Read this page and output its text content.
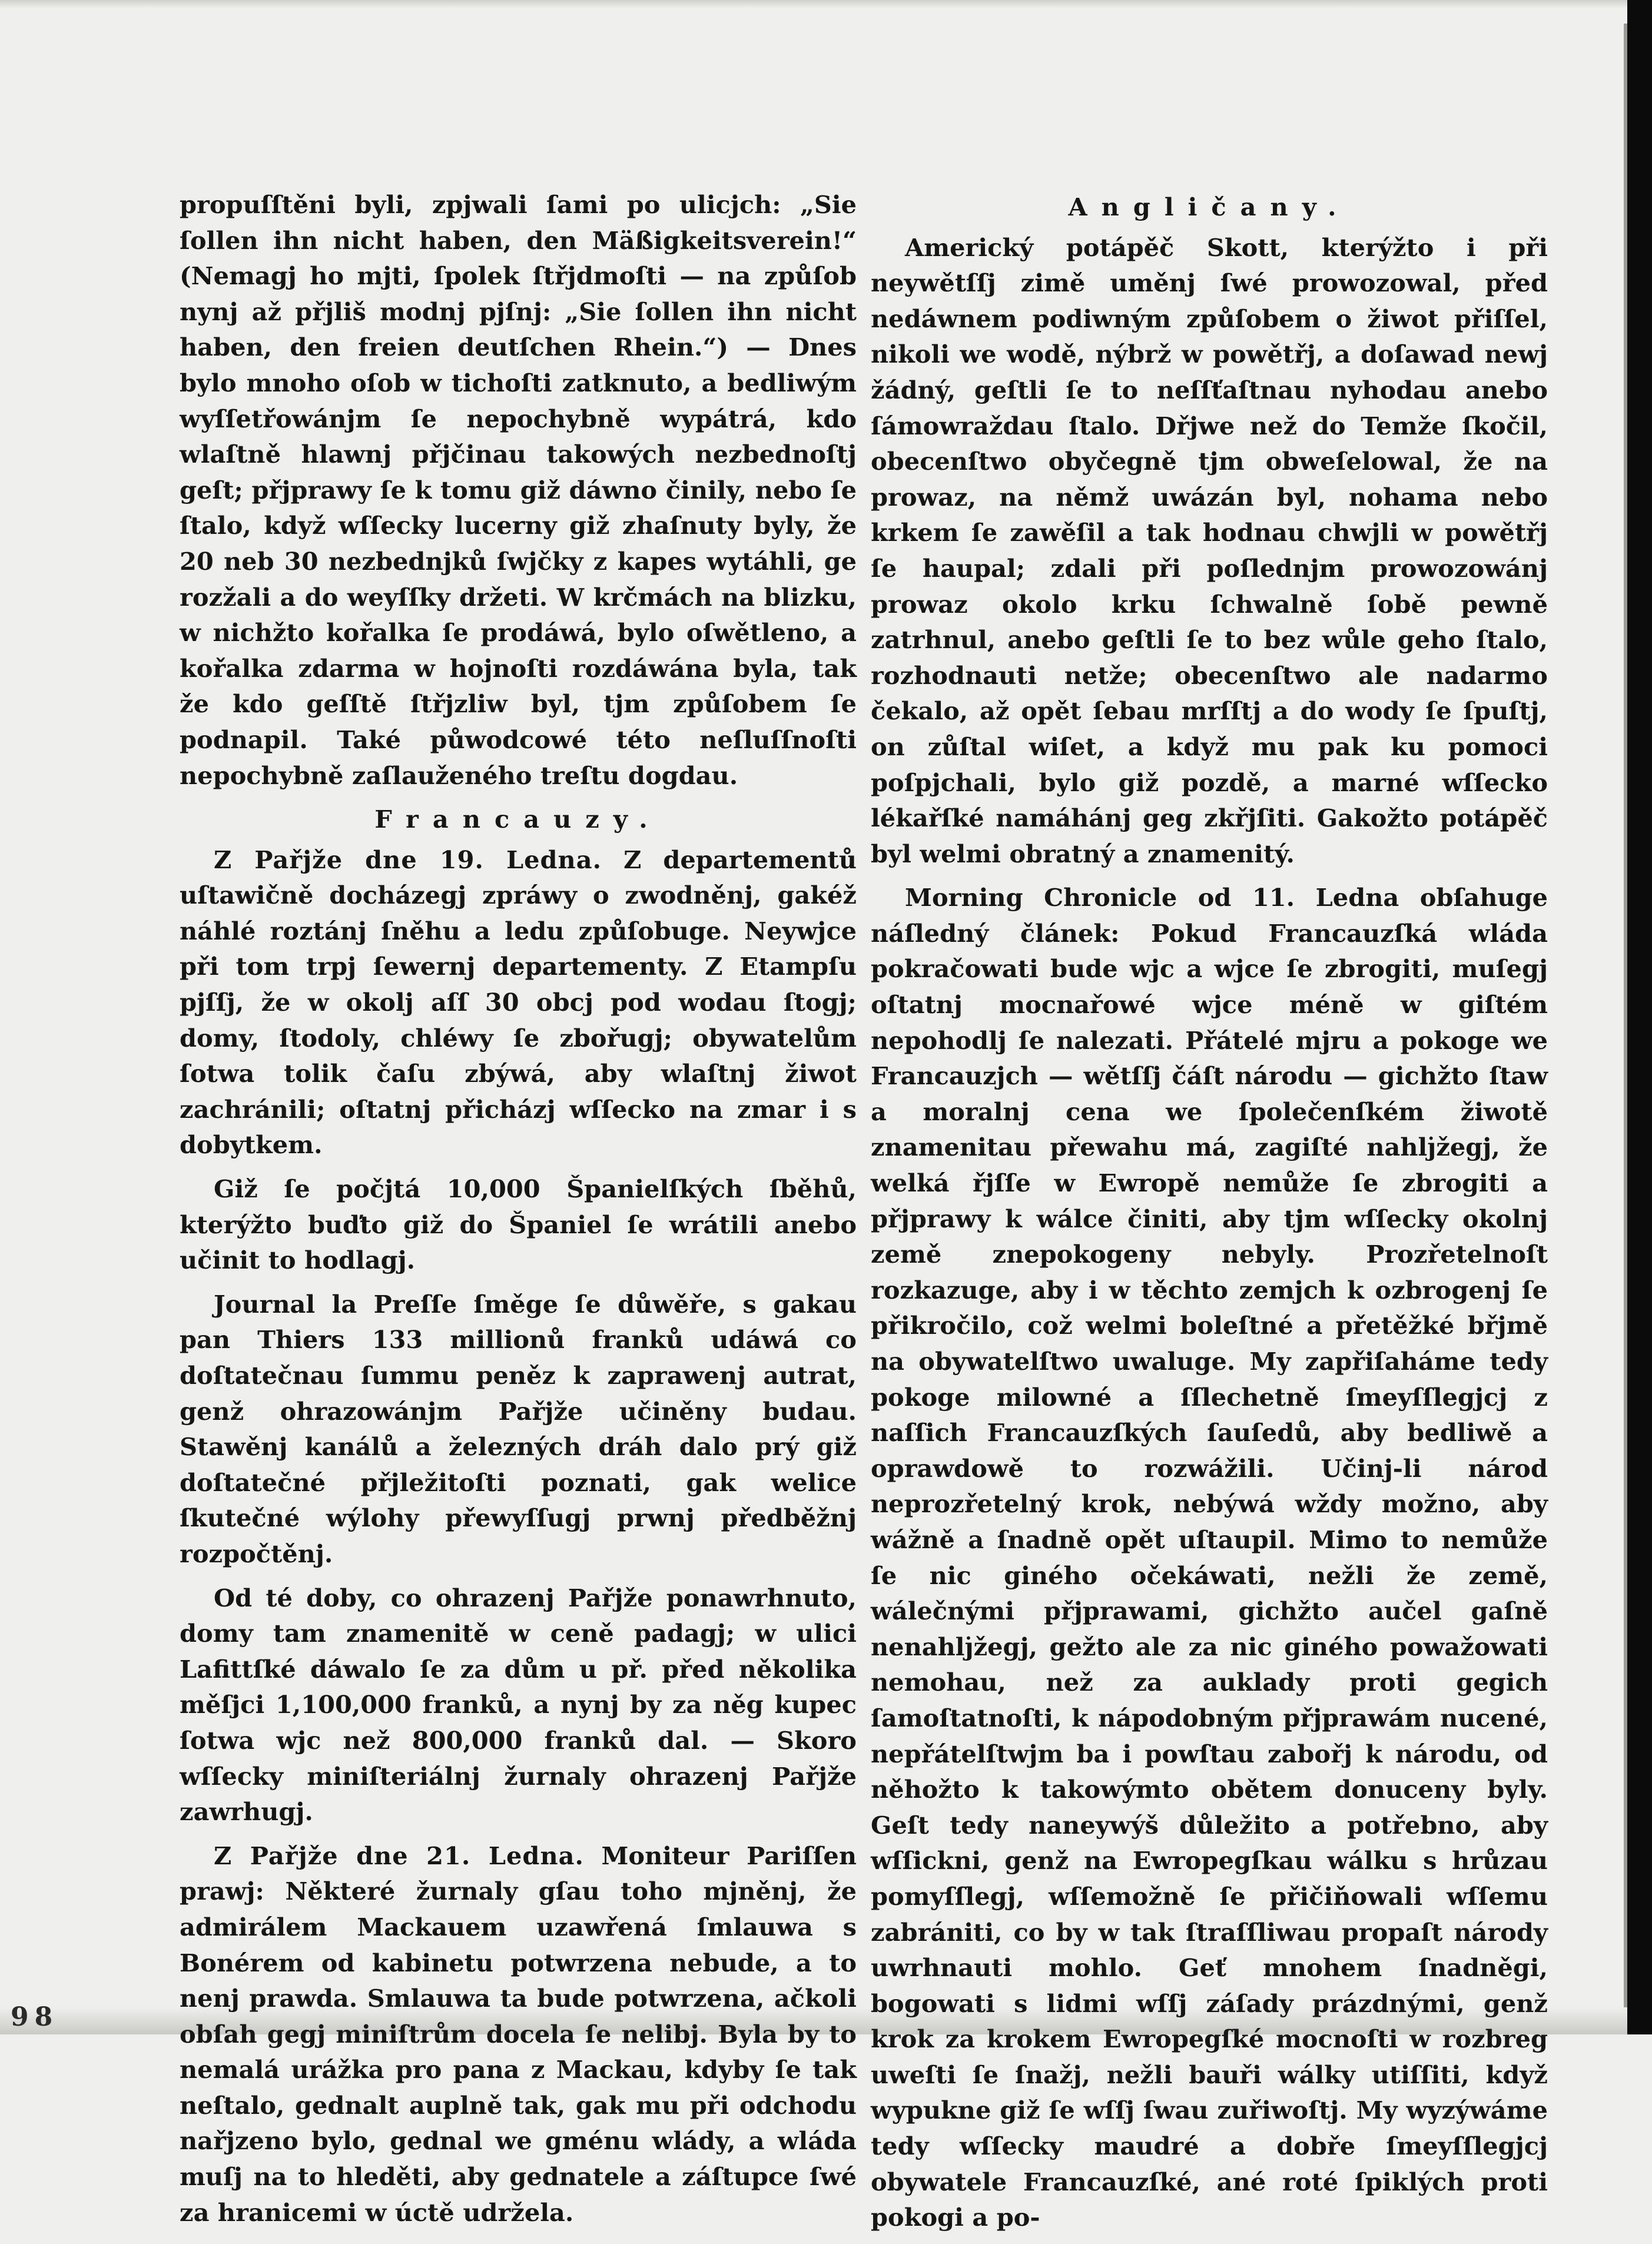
propuſſtěni byli, zpjwali ſami po ulicjch: „Sie ſollen ihn nicht haben, den Mäßigkeitsverein!“ (Nemagj ho mjti, ſpolek ſtřjdmoſti — na způſob nynj až přjliš modnj pjſnj: „Sie ſollen ihn nicht haben, den freien deutſchen Rhein.“) — Dnes bylo mnoho oſob w tichoſti zatknuto, a bedliwým wyſſetřowánjm ſe nepochybně wypátrá, kdo wlaſtně hlawnj přjčinau takowých nezbednoſtj geſt; přjprawy ſe k tomu giž dáwno činily, nebo ſe ſtalo, když wſſecky lucerny giž zhaſnuty byly, že 20 neb 30 nezbednjků ſwjčky z kapes wytáhli, ge rozžali a do weyſſky držeti. W krčmách na blizku, w nichžto kořalka ſe prodáwá, bylo oſwětleno, a kořalka zdarma w hojnoſti rozdáwána byla, tak že kdo geſſtě ſtřjzliw byl, tjm způſobem ſe podnapil. Také půwodcowé této neſluſſnoſti nepochybně zaſlauženého treſtu dogdau.

Francauzy.

Z Pařjže dne 19. Ledna. Z departementů uſtawičně docházegj zpráwy o zwodněnj, gakéž náhlé roztánj ſněhu a ledu způſobuge. Neywjce při tom trpj ſewernj departementy. Z Etampſu pjſſj, že w okolj aſſ 30 obcj pod wodau ſtogj; domy, ſtodoly, chléwy ſe zbořugj; obywatelům ſotwa tolik čaſu zbýwá, aby wlaſtnj žiwot zachránili; oſtatnj přicházj wſſecko na zmar i s dobytkem.

Giž ſe počjtá 10,000 Španielſkých ſběhů, kterýžto buďto giž do Španiel ſe wrátili anebo učinit to hodlagj.

Journal la Preſſe ſměge ſe důwěře, s gakau pan Thiers 133 millionů franků udáwá co doſtatečnau ſummu peněz k zaprawenj autrat, genž ohrazowánjm Pařjže učiněny budau. Stawěnj kanálů a železných dráh dalo prý giž doſtatečné přjležitoſti poznati, gak welice ſkutečné wýlohy přewyſſugj prwnj předběžnj rozpočtěnj.

Od té doby, co ohrazenj Pařjže ponawrhnuto, domy tam znamenitě w ceně padagj; w ulici Lafittſké dáwalo ſe za dům u př. před několika měſjci 1,100,000 franků, a nynj by za něg kupec ſotwa wjc než 800,000 franků dal. — Skoro wſſecky miniſteriálnj žurnaly ohrazenj Pařjže zawrhugj.

Z Pařjže dne 21. Ledna. Moniteur Pariſſen prawj: Některé žurnaly gſau toho mjněnj, že admirálem Mackauem uzawřená ſmlauwa s Bonérem od kabinetu potwrzena nebude, a to nenj prawda. Smlauwa ta bude potwrzena, ačkoli obſah gegj miniſtrům docela ſe nelibj. Byla by to nemalá urážka pro pana z Mackau, kdyby ſe tak neſtalo, gednalt auplně tak, gak mu při odchodu nařjzeno bylo, gednal we gménu wlády, a wláda muſj na to hleděti, aby gednatele a záſtupce ſwé za hranicemi w úctě udržela.

Angličany.

Americký potápěč Skott, kterýžto i při neywětſſj zimě uměnj ſwé prowozowal, před nedáwnem podiwným způſobem o žiwot přiſſel, nikoli we wodě, nýbrž w powětřj, a doſawad newj žádný, geſtli ſe to neſſťaſtnau nyhodau anebo ſámowraždau ſtalo. Dřjwe než do Temže ſkočil, obecenſtwo obyčegně tjm obweſelowal, že na prowaz, na němž uwázán byl, nohama nebo krkem ſe zawěſil a tak hodnau chwjli w powětřj ſe haupal; zdali při poſlednjm prowozowánj prowaz okolo krku ſchwalně ſobě pewně zatrhnul, anebo geſtli ſe to bez wůle geho ſtalo, rozhodnauti netže; obecenſtwo ale nadarmo čekalo, až opět ſebau mrſſtj a do wody ſe ſpuſtj, on zůſtal wiſet, a když mu pak ku pomoci poſpjchali, bylo giž pozdě, a marné wſſecko lékařſké namáhánj geg zkřjſiti. Gakožto potápěč byl welmi obratný a znamenitý.

Morning Chronicle od 11. Ledna obſahuge náſledný článek: Pokud Francauzſká wláda pokračowati bude wjc a wjce ſe zbrogiti, muſegj oſtatnj mocnařowé wjce méně w giſtém nepohodlj ſe nalezati. Přátelé mjru a pokoge we Francauzjch — wětſſj čáſt národu — gichžto ſtaw a moralnj cena we ſpolečenſkém žiwotě znamenitau přewahu má, zagiſté nahlj̇žegj, že welká řjſſe w Ewropě nemůže ſe zbrogiti a přjprawy k wálce činiti, aby tjm wſſecky okolnj země znepokogeny nebyly. Prozřetelnoſt rozkazuge, aby i w těchto zemjch k ozbrogenj ſe přikročilo, což welmi boleſtné a přetěžké břjmě na obywatelſtwo uwaluge. My zapřiſaháme tedy pokoge milowné a ſſlechetně ſmeyſſlegjcj z naſſich Francauzſkých ſauſedů, aby bedliwě a oprawdowě to rozwážili. Učinj-li národ neprozřetelný krok, nebýwá wždy možno, aby wážně a ſnadně opět uſtaupil. Mimo to nemůže ſe nic giného očekáwati, nežli že země, wálečnými přjprawami, gichžto aučel gaſně nenahlj̇žegj, gežto ale za nic giného powažowati nemohau, než za auklady proti gegich ſamoſtatnoſti, k nápodobným přjprawám nucené, nepřátelſtwjm ba i powſtau zabořj k národu, od něhožto k takowýmto obětem donuceny byly. Geſt tedy naneywýš důležito a potřebno, aby wſſickni, genž na Ewropegſkau wálku s hrůzau pomyſſlegj, wſſemožně ſe přičiňowali wſſemu zabrániti, co by w tak ſtraſſliwau propaſt národy uwrhnauti mohlo. Geť mnohem ſnadněgi, bogowati s lidmi wſſj záſady prázdnými, genž krok za krokem Ewropegſké mocnoſti w rozbreg uweſti ſe ſnažj, nežli bauři wálky utiſſiti, když wypukne giž ſe wſſj ſwau zuřiwoſtj. My wyzýwáme tedy wſſecky maudré a dobře ſmeyſſlegjcj obywatele Francauzſké, ané roté ſpiklých proti pokogi a po-

98
